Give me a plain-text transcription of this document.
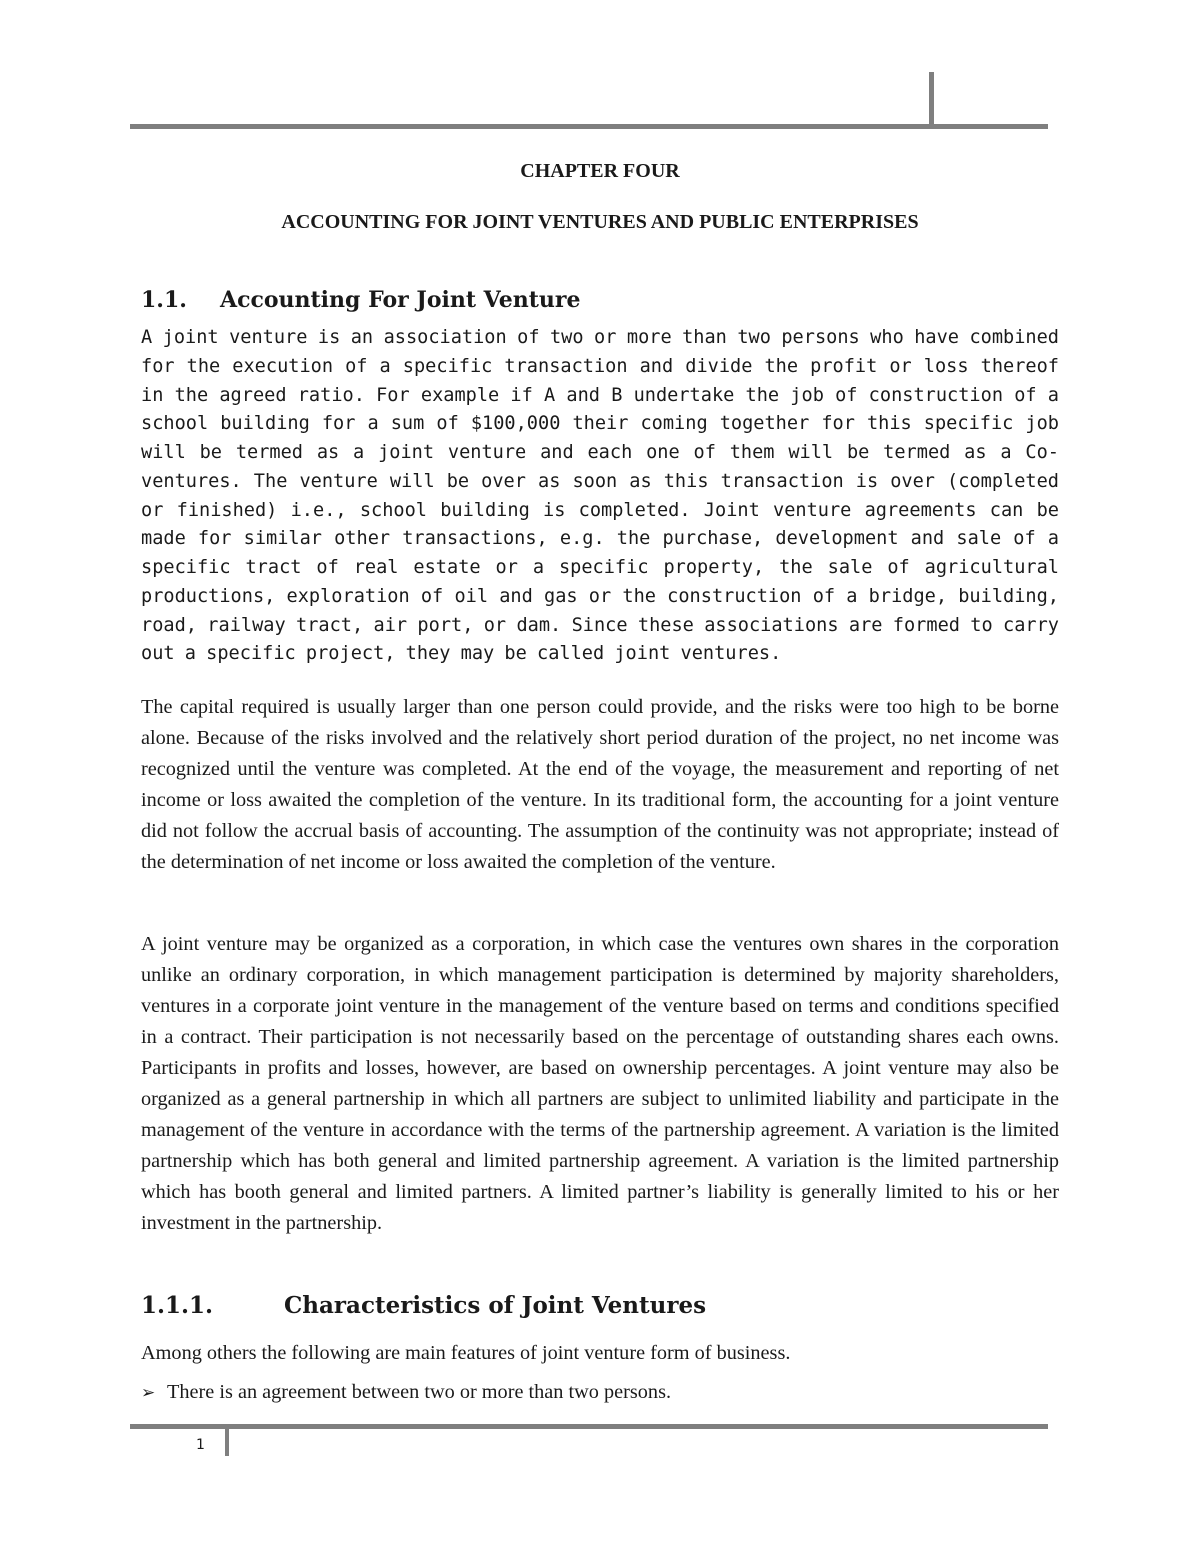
CHAPTER FOUR
ACCOUNTING FOR JOINT VENTURES AND PUBLIC ENTERPRISES
1.1. Accounting For Joint Venture

A joint venture is an association of two or more than two persons who have combined for the execution of a specific transaction and divide the profit or loss thereof in the agreed ratio. For example if A and B undertake the job of construction of a school building for a sum of $100,000 their coming together for this specific job will be termed as a joint venture and each one of them will be termed as a Co-ventures. The venture will be over as soon as this transaction is over (completed or finished) i.e., school building is completed. Joint venture agreements can be made for similar other transactions, e.g. the purchase, development and sale of a specific tract of real estate or a specific property, the sale of agricultural productions, exploration of oil and gas or the construction of a bridge, building, road, railway tract, air port, or dam. Since these associations are formed to carry out a specific project, they may be called joint ventures.

The capital required is usually larger than one person could provide, and the risks were too high to be borne alone. Because of the risks involved and the relatively short period duration of the project, no net income was recognized until the venture was completed. At the end of the voyage, the measurement and reporting of net income or loss awaited the completion of the venture. In its traditional form, the accounting for a joint venture did not follow the accrual basis of accounting. The assumption of the continuity was not appropriate; instead of the determination of net income or loss awaited the completion of the venture.

A joint venture may be organized as a corporation, in which case the ventures own shares in the corporation unlike an ordinary corporation, in which management participation is determined by majority shareholders, ventures in a corporate joint venture in the management of the venture based on terms and conditions specified in a contract. Their participation is not necessarily based on the percentage of outstanding shares each owns. Participants in profits and losses, however, are based on ownership percentages. A joint venture may also be organized as a general partnership in which all partners are subject to unlimited liability and participate in the management of the venture in accordance with the terms of the partnership agreement. A variation is the limited partnership which has both general and limited partnership agreement. A variation is the limited partnership which has booth general and limited partners. A limited partner’s liability is generally limited to his or her investment in the partnership.

1.1.1.	Characteristics of Joint Ventures

Among others the following are main features of joint venture form of business.

➢ There is an agreement between two or more than two persons.

1
